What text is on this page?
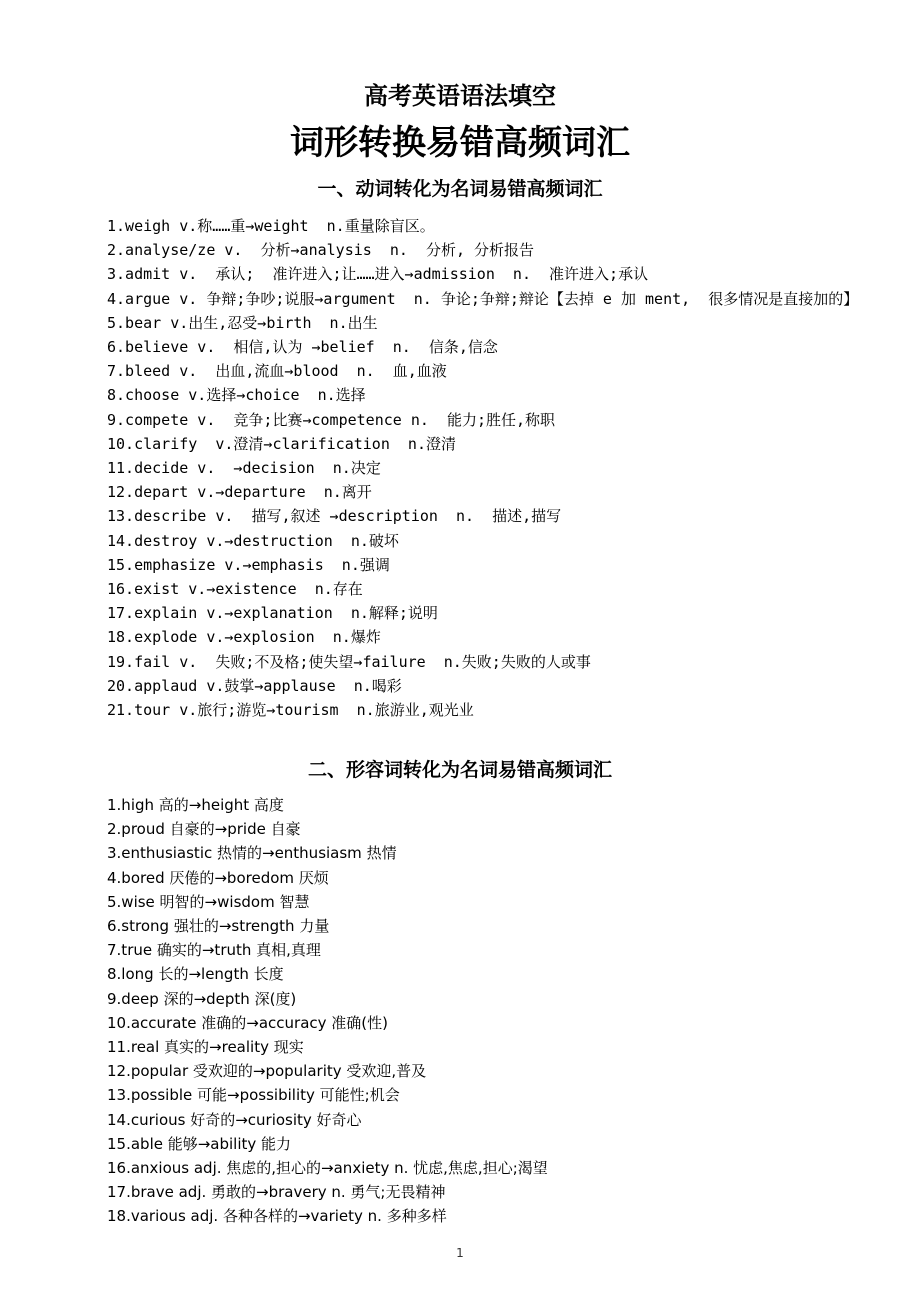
高考英语语法填空
词形转换易错高频词汇
一、动词转化为名词易错高频词汇
1.weigh v.称……重→weight  n.重量除盲区。
2.analyse/ze v.  分析→analysis  n.  分析, 分析报告
3.admit v.  承认;  准许进入;让……进入→admission  n.  准许进入;承认
4.argue v. 争辩;争吵;说服→argument  n. 争论;争辩;辩论【去掉 e 加 ment,  很多情况是直接加的】
5.bear v.出生,忍受→birth  n.出生
6.believe v.  相信,认为 →belief  n.  信条,信念
7.bleed v.  出血,流血→blood  n.  血,血液
8.choose v.选择→choice  n.选择
9.compete v.  竞争;比赛→competence n.  能力;胜任,称职
10.clarify  v.澄清→clarification  n.澄清
11.decide v.  →decision  n.决定
12.depart v.→departure  n.离开
13.describe v.  描写,叙述 →description  n.  描述,描写
14.destroy v.→destruction  n.破坏
15.emphasize v.→emphasis  n.强调
16.exist v.→existence  n.存在
17.explain v.→explanation  n.解释;说明
18.explode v.→explosion  n.爆炸
19.fail v.  失败;不及格;使失望→failure  n.失败;失败的人或事
20.applaud v.鼓掌→applause  n.喝彩
21.tour v.旅行;游览→tourism  n.旅游业,观光业
二、形容词转化为名词易错高频词汇
1.high 高的→height 高度
2.proud 自豪的→pride 自豪
3.enthusiastic 热情的→enthusiasm 热情
4.bored 厌倦的→boredom 厌烦
5.wise 明智的→wisdom 智慧
6.strong 强壮的→strength 力量
7.true 确实的→truth 真相,真理
8.long 长的→length 长度
9.deep 深的→depth 深(度)
10.accurate 准确的→accuracy 准确(性)
11.real 真实的→reality 现实
12.popular 受欢迎的→popularity 受欢迎,普及
13.possible 可能→possibility 可能性;机会
14.curious 好奇的→curiosity 好奇心
15.able 能够→ability 能力
16.anxious adj. 焦虑的,担心的→anxiety n. 忧虑,焦虑,担心;渴望
17.brave adj. 勇敢的→bravery n. 勇气;无畏精神
18.various adj. 各种各样的→variety n. 多种多样
1
